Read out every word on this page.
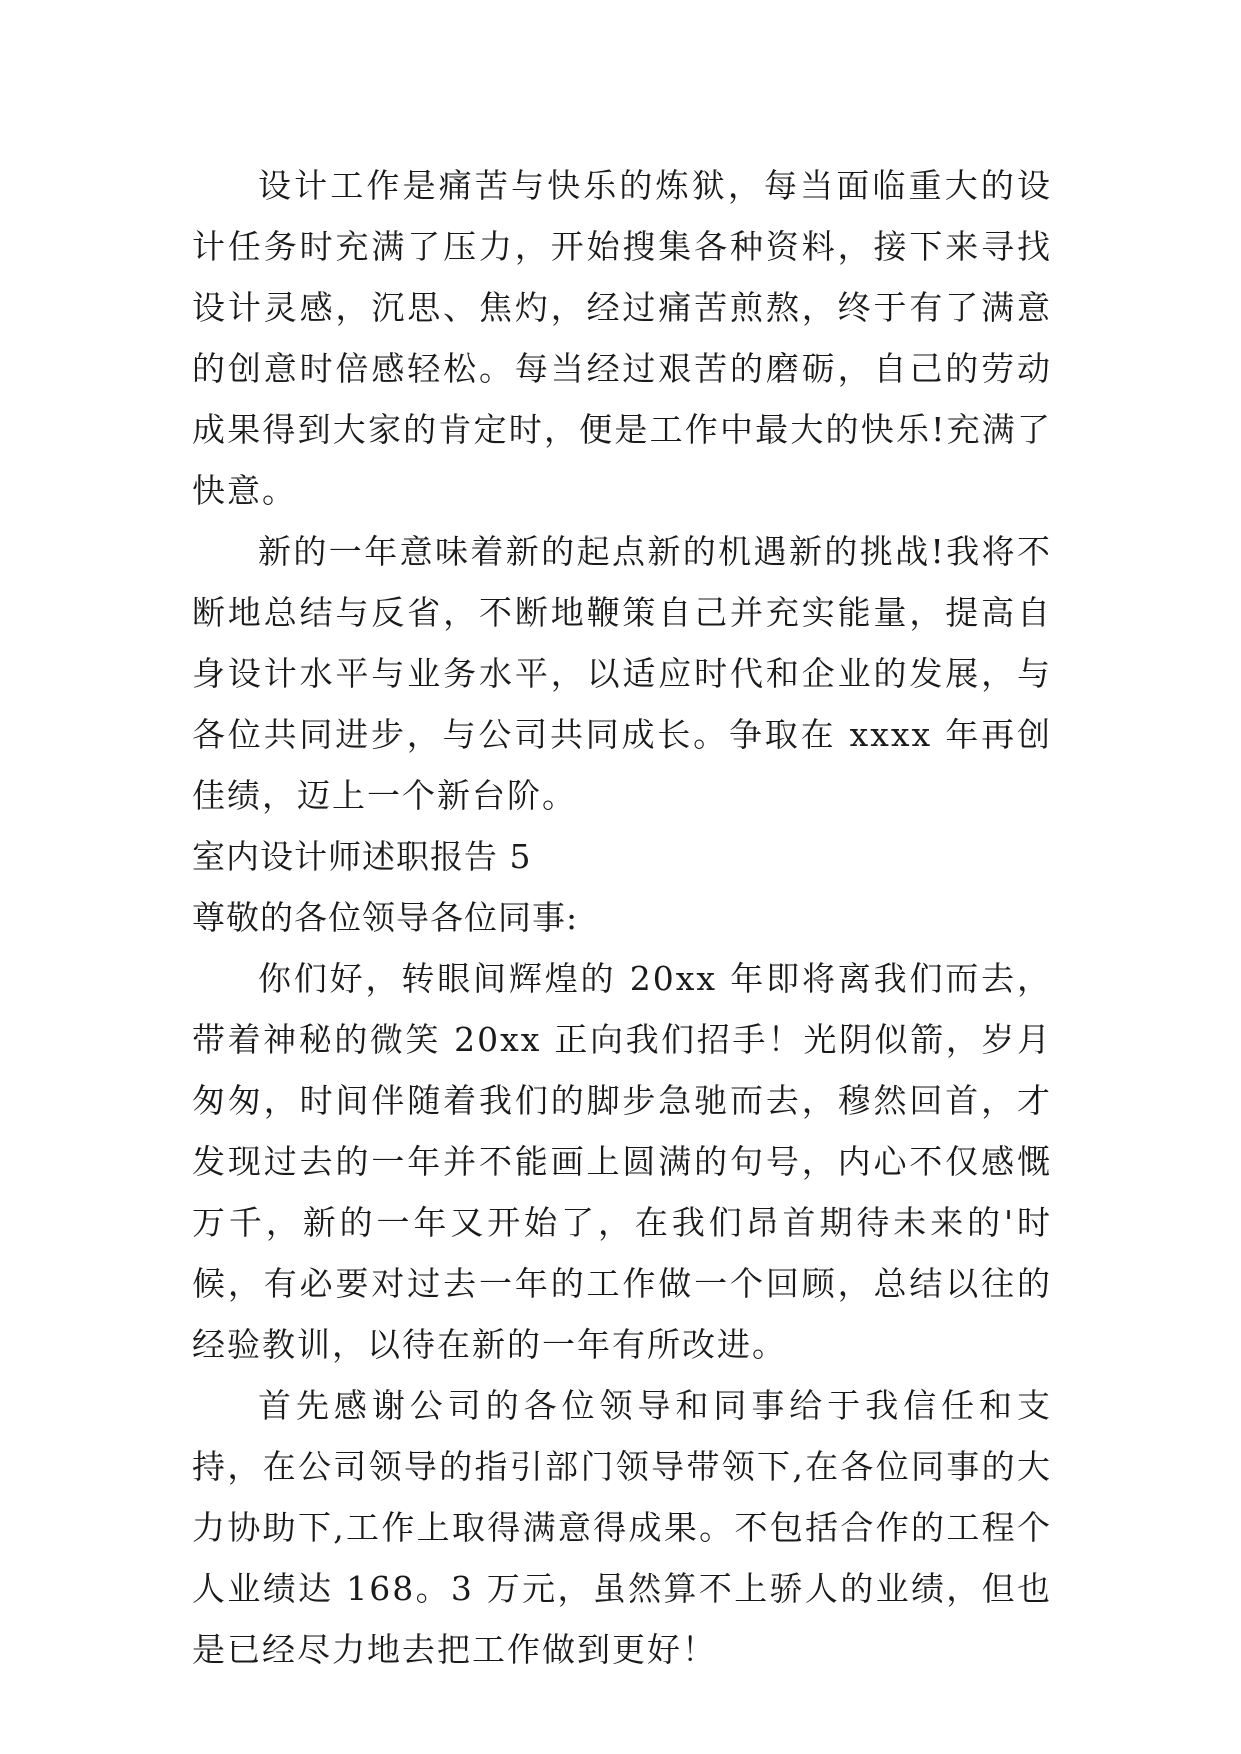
设计工作是痛苦与快乐的炼狱，每当面临重大的设计任务时充满了压力，开始搜集各种资料，接下来寻找设计灵感，沉思、焦灼，经过痛苦煎熬，终于有了满意的创意时倍感轻松。每当经过艰苦的磨砺，自己的劳动成果得到大家的肯定时，便是工作中最大的快乐!充满了快意。

新的一年意味着新的起点新的机遇新的挑战!我将不断地总结与反省，不断地鞭策自己并充实能量，提高自身设计水平与业务水平，以适应时代和企业的发展，与各位共同进步，与公司共同成长。争取在 xxxx 年再创佳绩，迈上一个新台阶。

室内设计师述职报告 5

尊敬的各位领导各位同事:

你们好，转眼间辉煌的 20xx 年即将离我们而去，带着神秘的微笑 20xx 正向我们招手！光阴似箭，岁月匆匆，时间伴随着我们的脚步急驰而去，穆然回首，才发现过去的一年并不能画上圆满的句号，内心不仅感慨万千，新的一年又开始了，在我们昂首期待未来的'时候，有必要对过去一年的工作做一个回顾，总结以往的经验教训，以待在新的一年有所改进。

首先感谢公司的各位领导和同事给于我信任和支持，在公司领导的指引部门领导带领下,在各位同事的大力协助下,工作上取得满意得成果。不包括合作的工程个人业绩达 168。3 万元，虽然算不上骄人的业绩，但也是已经尽力地去把工作做到更好！
